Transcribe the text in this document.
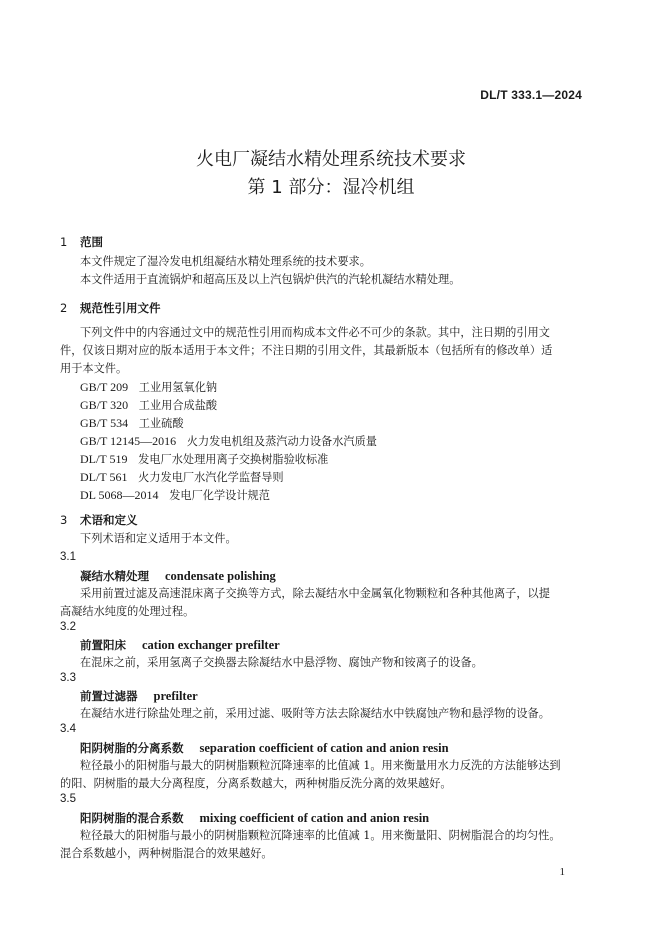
DL/T 333.1—2024
火电厂凝结水精处理系统技术要求
第 1 部分：湿冷机组
1 范围
本文件规定了湿冷发电机组凝结水精处理系统的技术要求。
本文件适用于直流锅炉和超高压及以上汽包锅炉供汽的汽轮机凝结水精处理。
2 规范性引用文件
下列文件中的内容通过文中的规范性引用而构成本文件必不可少的条款。其中，注日期的引用文
件，仅该日期对应的版本适用于本文件；不注日期的引用文件，其最新版本（包括所有的修改单）适
用于本文件。
GB/T 209 工业用氢氧化钠
GB/T 320 工业用合成盐酸
GB/T 534 工业硫酸
GB/T 12145—2016 火力发电机组及蒸汽动力设备水汽质量
DL/T 519 发电厂水处理用离子交换树脂验收标准
DL/T 561 火力发电厂水汽化学监督导则
DL 5068—2014 发电厂化学设计规范
3 术语和定义
下列术语和定义适用于本文件。
3.1
凝结水精处理 condensate polishing
采用前置过滤及高速混床离子交换等方式，除去凝结水中金属氧化物颗粒和各种其他离子，以提
高凝结水纯度的处理过程。
3.2
前置阳床 cation exchanger prefilter
在混床之前，采用氢离子交换器去除凝结水中悬浮物、腐蚀产物和铵离子的设备。
3.3
前置过滤器 prefilter
在凝结水进行除盐处理之前，采用过滤、吸附等方法去除凝结水中铁腐蚀产物和悬浮物的设备。
3.4
阳阴树脂的分离系数 separation coefficient of cation and anion resin
粒径最小的阳树脂与最大的阴树脂颗粒沉降速率的比值减 1。用来衡量用水力反洗的方法能够达到
的阳、阴树脂的最大分离程度，分离系数越大，两种树脂反洗分离的效果越好。
3.5
阳阴树脂的混合系数 mixing coefficient of cation and anion resin
粒径最大的阳树脂与最小的阴树脂颗粒沉降速率的比值减 1。用来衡量阳、阴树脂混合的均匀性。
混合系数越小，两种树脂混合的效果越好。
1
